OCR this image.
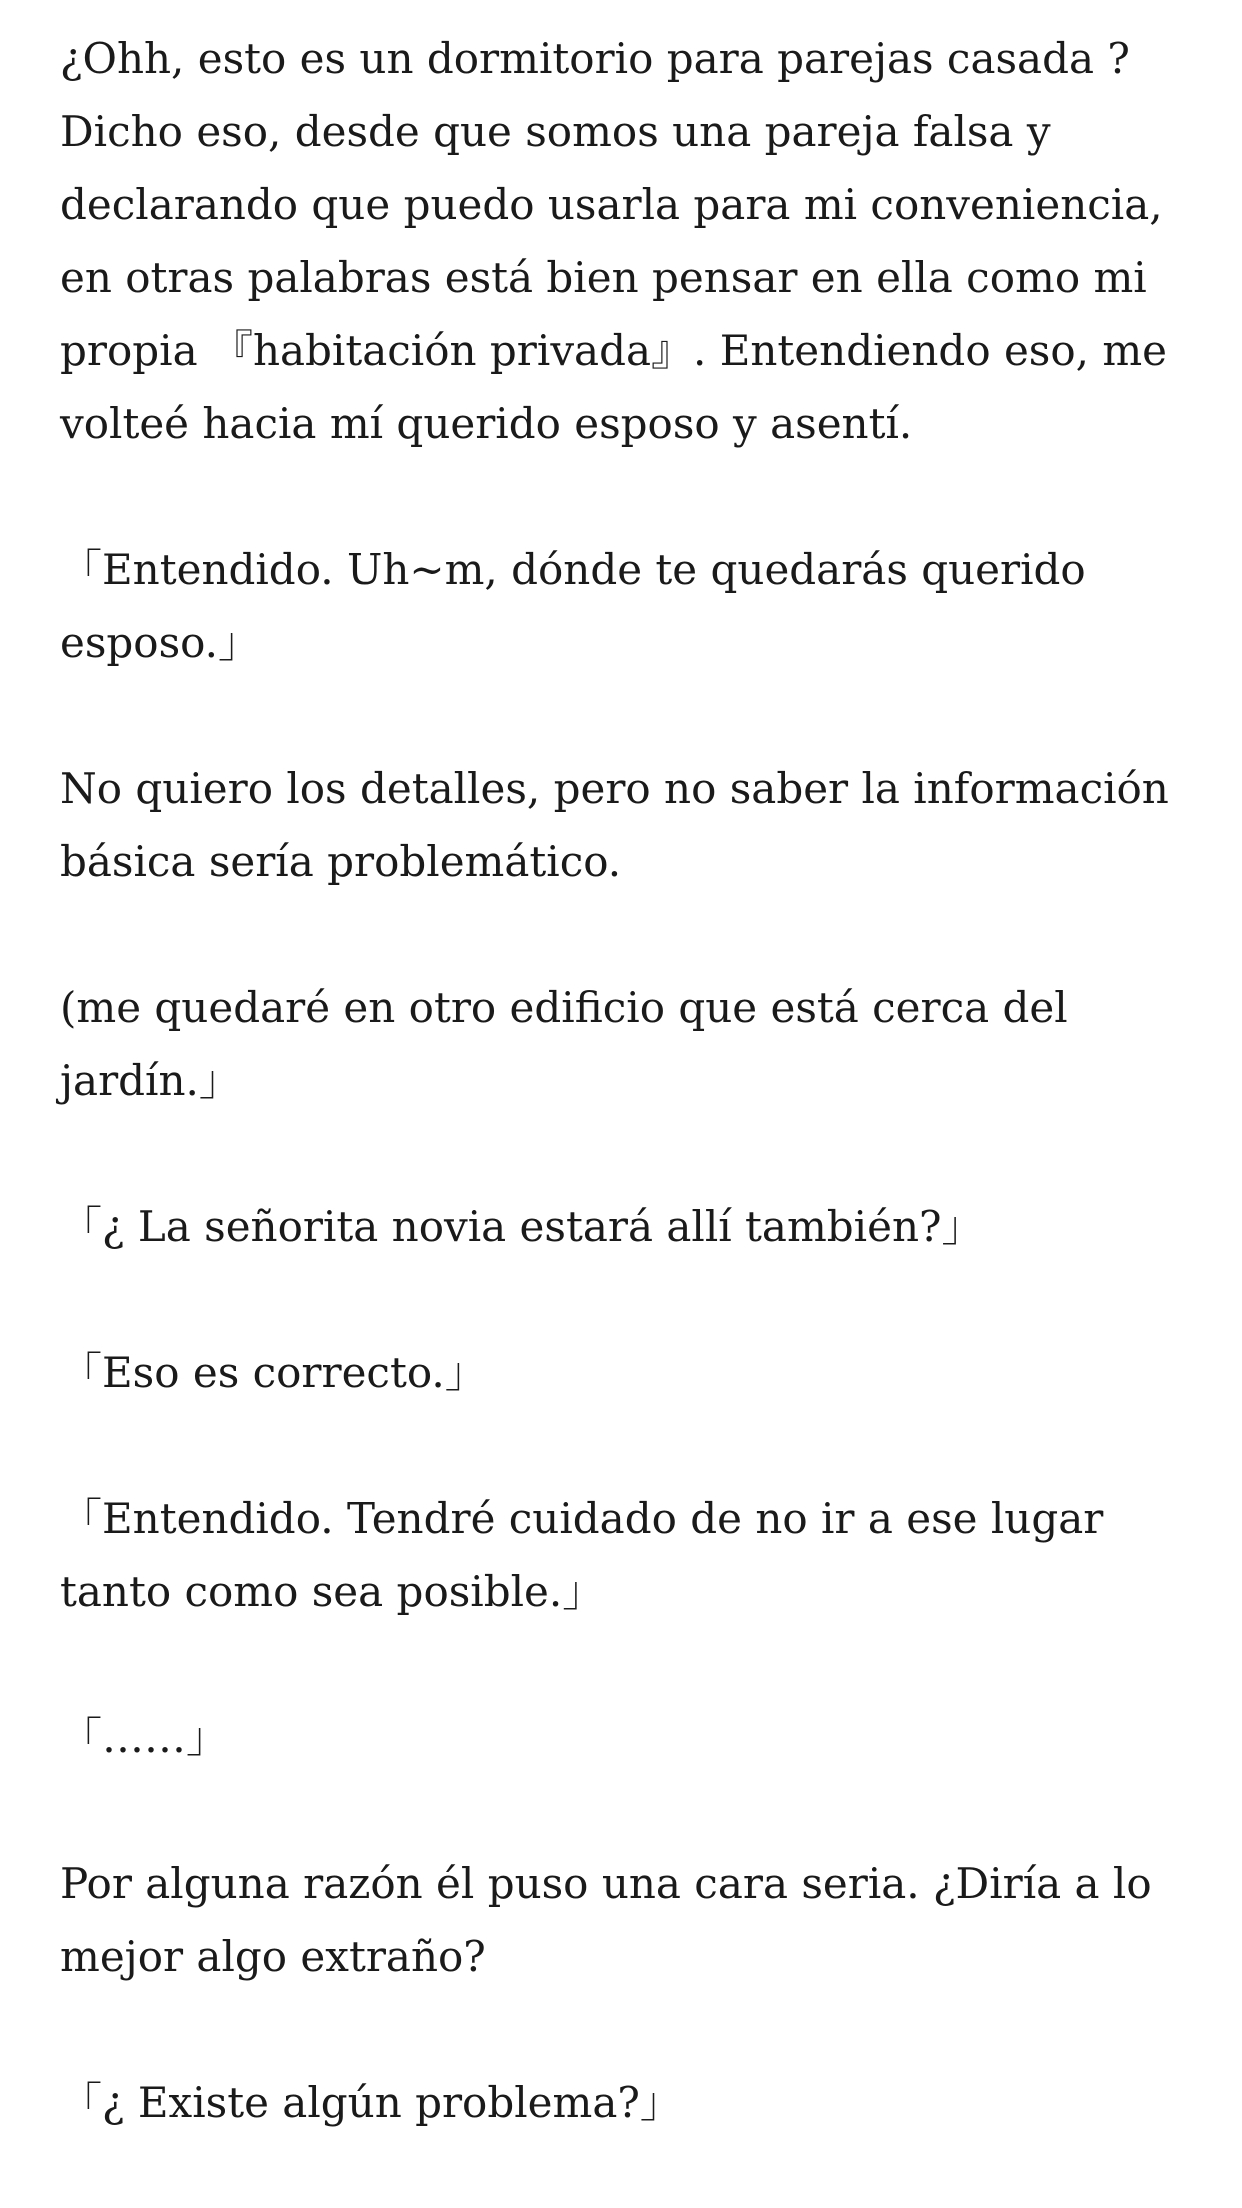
¿Ohh, esto es un dormitorio para parejas casada ? Dicho eso, desde que somos una pareja falsa y declarando que puedo usarla para mi conveniencia, en otras palabras está bien pensar en ella como mi propia 『habitación privada』. Entendiendo eso, me volteé hacia mí querido esposo y asentí.

「Entendido. Uh~m, dónde te quedarás querido esposo.」

No quiero los detalles, pero no saber la información básica sería problemático.

(me quedaré en otro edificio que está cerca del jardín.」

「¿ La señorita novia estará allí también?」

「Eso es correcto.」

「Entendido. Tendré cuidado de no ir a ese lugar tanto como sea posible.」

「……」

Por alguna razón él puso una cara seria. ¿Diría a lo mejor algo extraño?

「¿ Existe algún problema?」
